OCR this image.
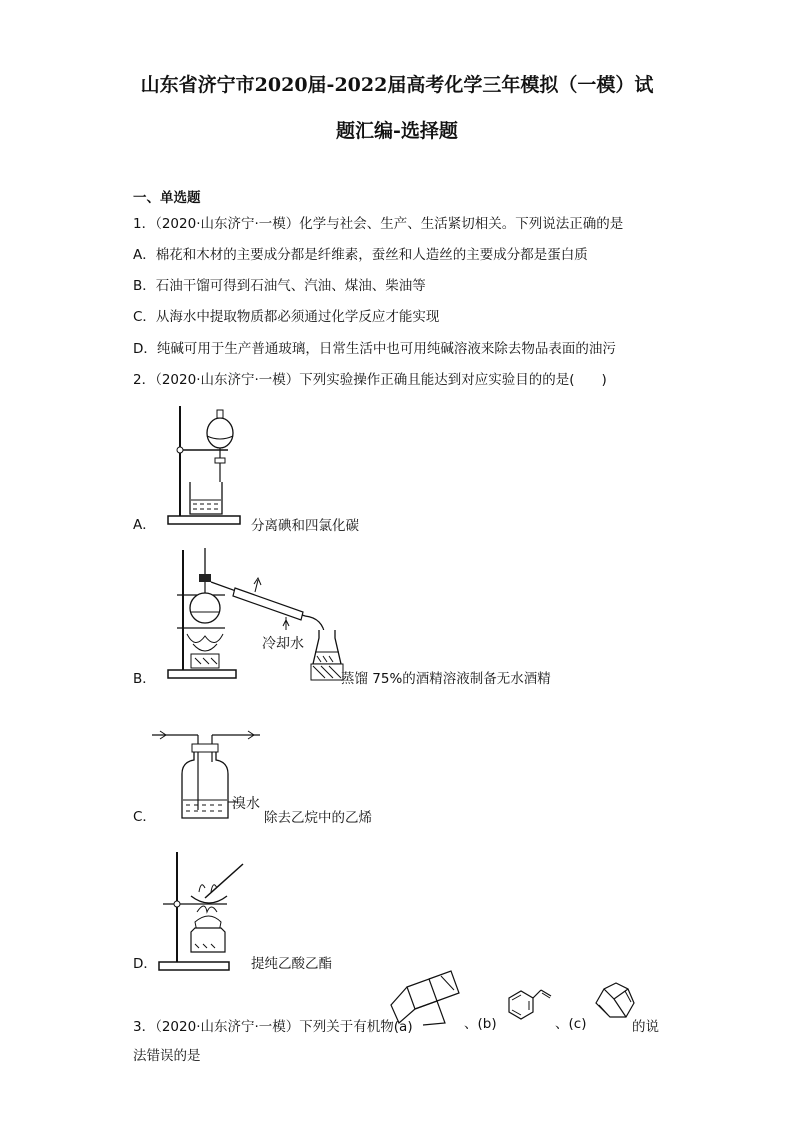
山东省济宁市2020届-2022届高考化学三年模拟（一模）试
题汇编-选择题
一、单选题
1．（2020·山东济宁·一模）化学与社会、生产、生活紧切相关。下列说法正确的是
A．棉花和木材的主要成分都是纤维素，蚕丝和人造丝的主要成分都是蛋白质
B．石油干馏可得到石油气、汽油、煤油、柴油等
C．从海水中提取物质都必须通过化学反应才能实现
D．纯碱可用于生产普通玻璃，日常生活中也可用纯碱溶液来除去物品表面的油污
2．（2020·山东济宁·一模）下列实验操作正确且能达到对应实验目的的是(　　)
A．	分离碘和四氯化碳
B．
冷却水
蒸馏 75%的酒精溶液制备无水酒精
C．
溴水
除去乙烷中的乙烯
D．	提纯乙酸乙酯
3．（2020·山东济宁·一模）下列关于有机物(a)	、(b)	、(c)	的说
法错误的是
